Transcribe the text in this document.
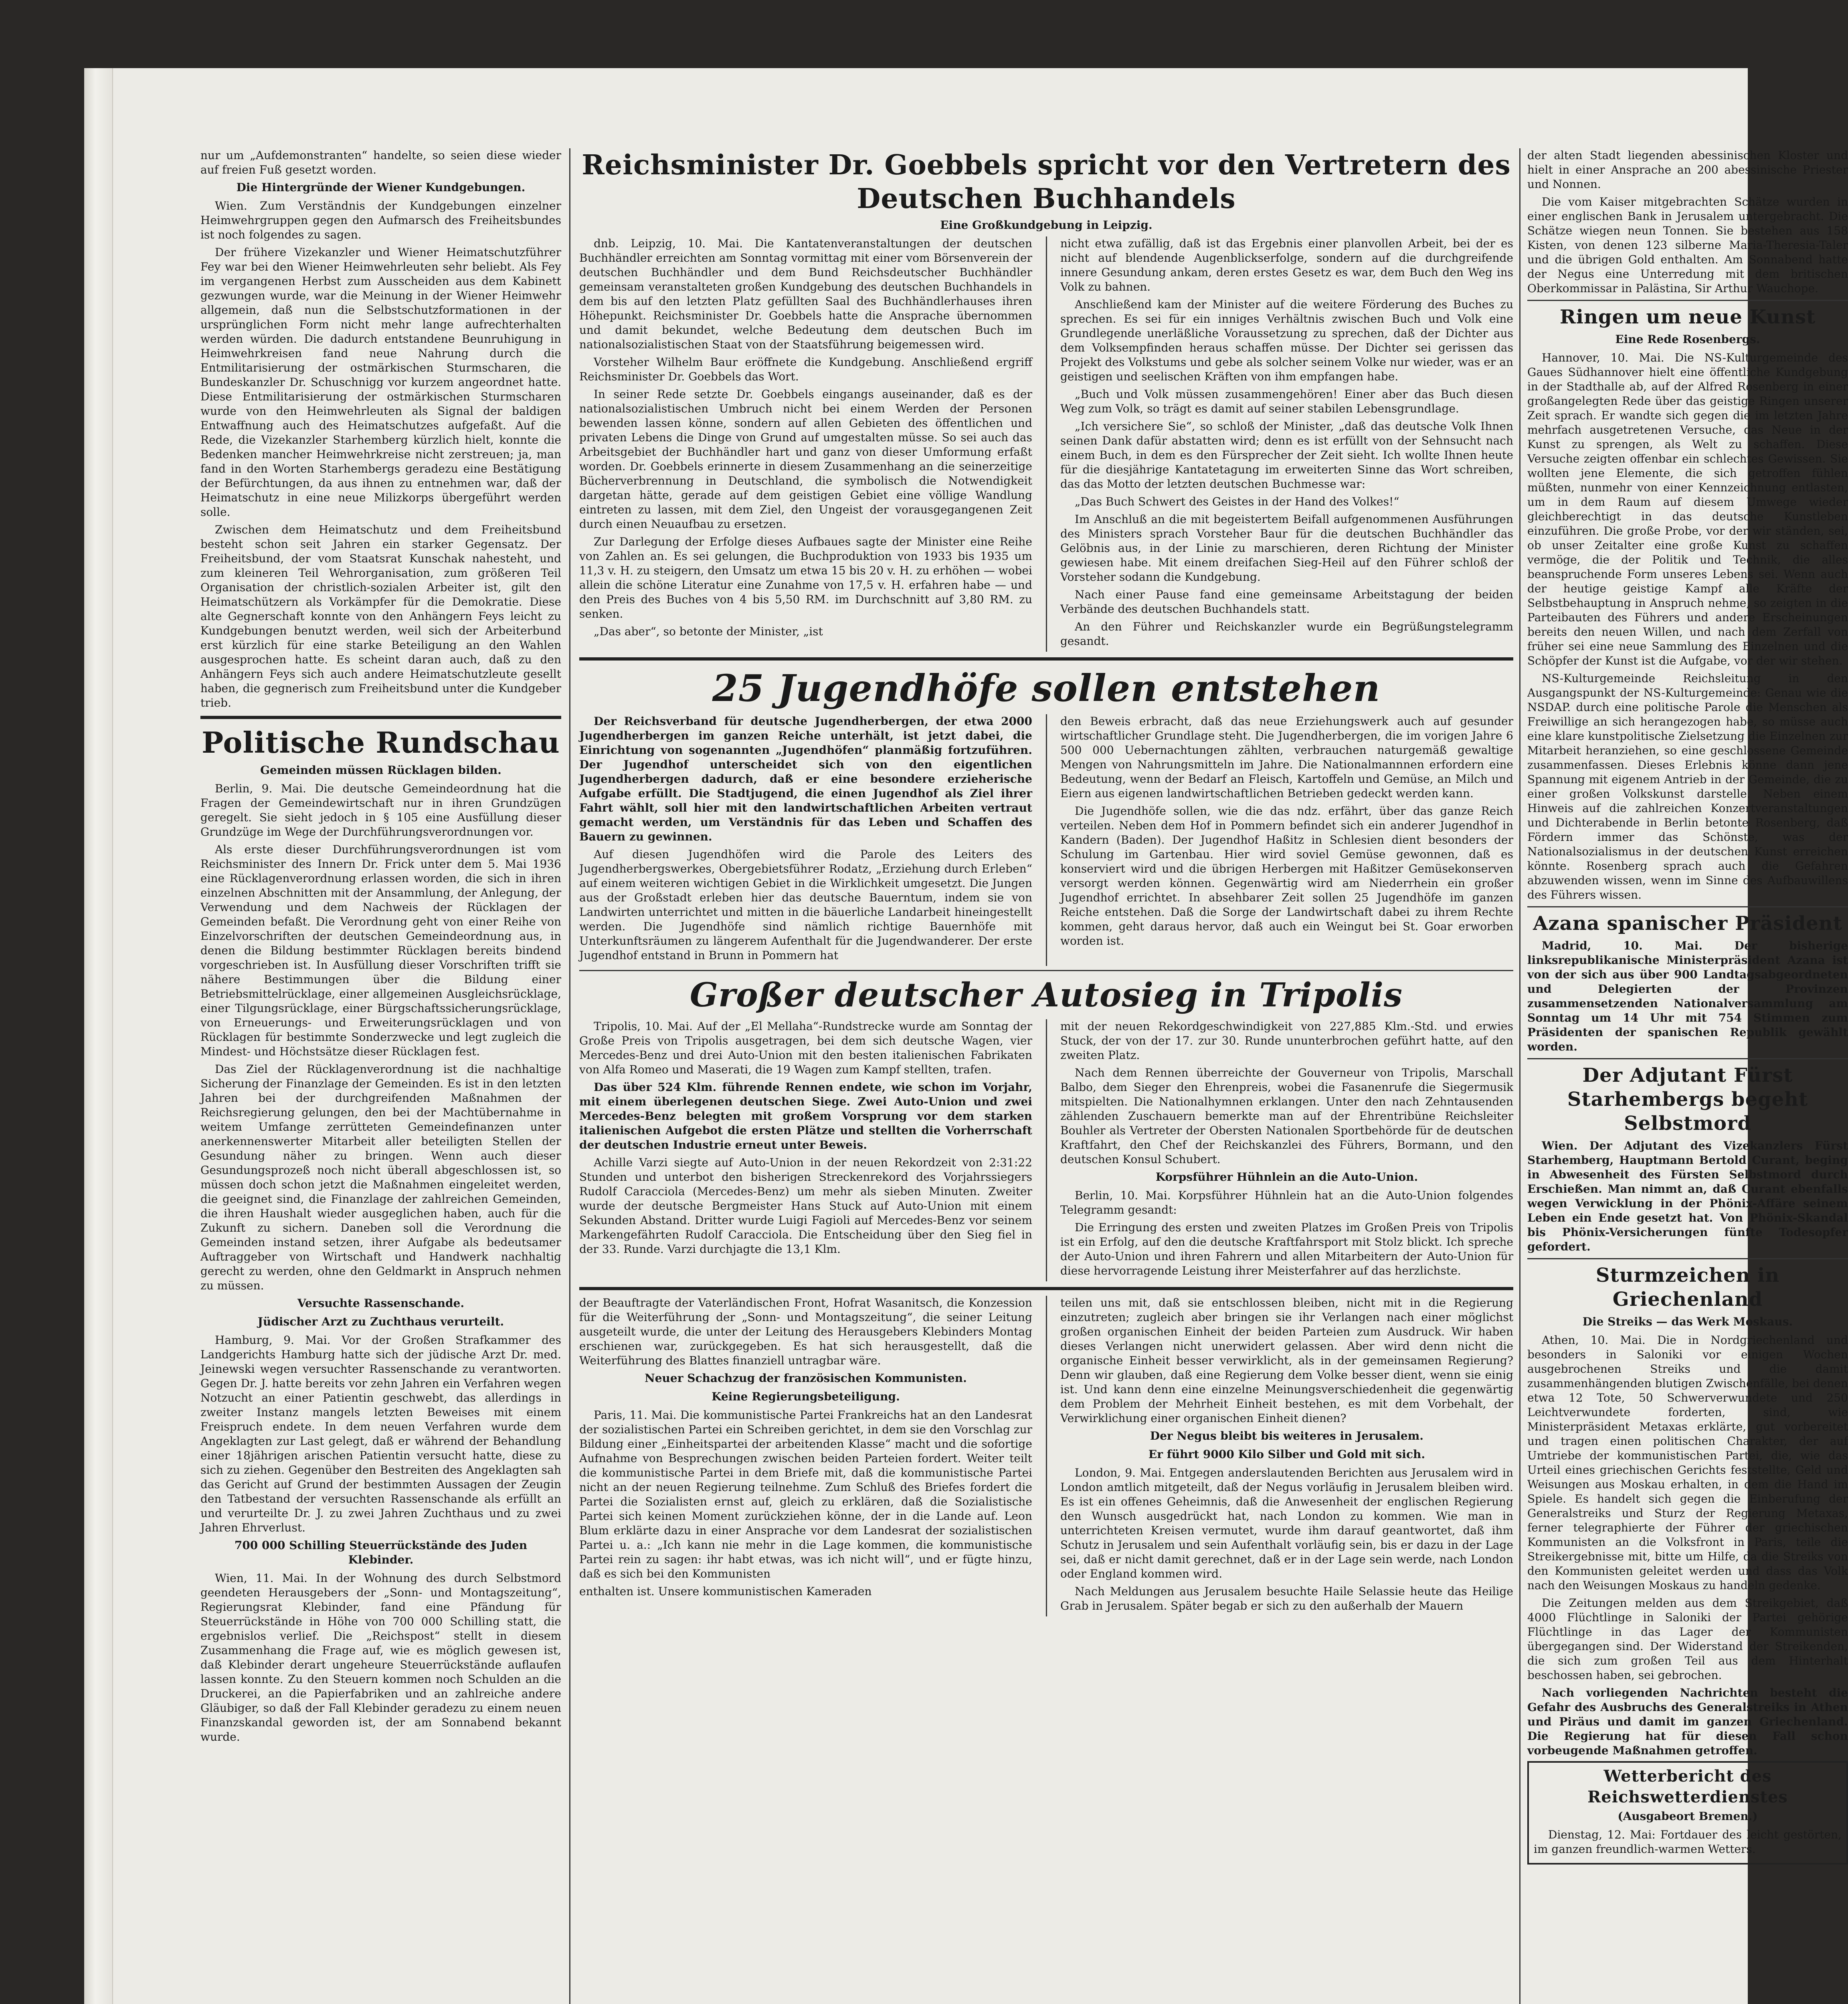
nur um „Aufdemonstranten“ handelte, so seien diese wieder auf freien Fuß gesetzt worden.

Die Hintergründe der Wiener Kundgebungen.

Wien. Zum Verständnis der Kundgebungen einzelner Heimwehrgruppen gegen den Aufmarsch des Freiheitsbundes ist noch folgendes zu sagen.

Der frühere Vizekanzler und Wiener Heimatschutzführer Fey war bei den Wiener Heimwehrleuten sehr beliebt. Als Fey im vergangenen Herbst zum Ausscheiden aus dem Kabinett gezwungen wurde, war die Meinung in der Wiener Heimwehr allgemein, daß nun die Selbstschutzformationen in der ursprünglichen Form nicht mehr lange aufrechterhalten werden würden. Die dadurch entstandene Beunruhigung in Heimwehrkreisen fand neue Nahrung durch die Entmilitarisierung der ostmärkischen Sturmscharen, die Bundeskanzler Dr. Schuschnigg vor kurzem angeordnet hatte. Diese Entmilitarisierung der ostmärkischen Sturmscharen wurde von den Heimwehrleuten als Signal der baldigen Entwaffnung auch des Heimatschutzes aufgefaßt. Auf die Rede, die Vizekanzler Starhemberg kürzlich hielt, konnte die Bedenken mancher Heimwehrkreise nicht zerstreuen; ja, man fand in den Worten Starhembergs geradezu eine Bestätigung der Befürchtungen, da aus ihnen zu entnehmen war, daß der Heimatschutz in eine neue Milizkorps übergeführt werden solle.

Zwischen dem Heimatschutz und dem Freiheitsbund besteht schon seit Jahren ein starker Gegensatz. Der Freiheitsbund, der vom Staatsrat Kunschak nahesteht, und zum kleineren Teil Wehrorganisation, zum größeren Teil Organisation der christlich-sozialen Arbeiter ist, gilt den Heimatschützern als Vorkämpfer für die Demokratie. Diese alte Gegnerschaft konnte von den Anhängern Feys leicht zu Kundgebungen benutzt werden, weil sich der Arbeiterbund erst kürzlich für eine starke Beteiligung an den Wahlen ausgesprochen hatte. Es scheint daran auch, daß zu den Anhängern Feys sich auch andere Heimatschutzleute gesellt haben, die gegnerisch zum Freiheitsbund unter die Kundgeber trieb.

Politische Rundschau
Gemeinden müssen Rücklagen bilden.

Berlin, 9. Mai. Die deutsche Gemeindeordnung hat die Fragen der Gemeindewirtschaft nur in ihren Grundzügen geregelt. Sie sieht jedoch in § 105 eine Ausfüllung dieser Grundzüge im Wege der Durchführungsverordnungen vor.

Als erste dieser Durchführungsverordnungen ist vom Reichsminister des Innern Dr. Frick unter dem 5. Mai 1936 eine Rücklagenverordnung erlassen worden, die sich in ihren einzelnen Abschnitten mit der Ansammlung, der Anlegung, der Verwendung und dem Nachweis der Rücklagen der Gemeinden befaßt. Die Verordnung geht von einer Reihe von Einzelvorschriften der deutschen Gemeindeordnung aus, in denen die Bildung bestimmter Rücklagen bereits bindend vorgeschrieben ist. In Ausfüllung dieser Vorschriften trifft sie nähere Bestimmungen über die Bildung einer Betriebsmittelrücklage, einer allgemeinen Ausgleichsrücklage, einer Tilgungsrücklage, einer Bürgschaftssicherungsrücklage, von Erneuerungs- und Erweiterungsrücklagen und von Rücklagen für bestimmte Sonderzwecke und legt zugleich die Mindest- und Höchstsätze dieser Rücklagen fest.

Das Ziel der Rücklagenverordnung ist die nachhaltige Sicherung der Finanzlage der Gemeinden. Es ist in den letzten Jahren bei der durchgreifenden Maßnahmen der Reichsregierung gelungen, den bei der Machtübernahme in weitem Umfange zerrütteten Gemeindefinanzen unter anerkennenswerter Mitarbeit aller beteiligten Stellen der Gesundung näher zu bringen. Wenn auch dieser Gesundungsprozeß noch nicht überall abgeschlossen ist, so müssen doch schon jetzt die Maßnahmen eingeleitet werden, die geeignet sind, die Finanzlage der zahlreichen Gemeinden, die ihren Haushalt wieder ausgeglichen haben, auch für die Zukunft zu sichern. Daneben soll die Verordnung die Gemeinden instand setzen, ihrer Aufgabe als bedeutsamer Auftraggeber von Wirtschaft und Handwerk nachhaltig gerecht zu werden, ohne den Geldmarkt in Anspruch nehmen zu müssen.

Versuchte Rassenschande.
Jüdischer Arzt zu Zuchthaus verurteilt.

Hamburg, 9. Mai. Vor der Großen Strafkammer des Landgerichts Hamburg hatte sich der jüdische Arzt Dr. med. Jeinewski wegen versuchter Rassenschande zu verantworten. Gegen Dr. J. hatte bereits vor zehn Jahren ein Verfahren wegen Notzucht an einer Patientin geschwebt, das allerdings in zweiter Instanz mangels letzten Beweises mit einem Freispruch endete. In dem neuen Verfahren wurde dem Angeklagten zur Last gelegt, daß er während der Behandlung einer 18jährigen arischen Patientin versucht hatte, diese zu sich zu ziehen. Gegenüber den Bestreiten des Angeklagten sah das Gericht auf Grund der bestimmten Aussagen der Zeugin den Tatbestand der versuchten Rassenschande als erfüllt an und verurteilte Dr. J. zu zwei Jahren Zuchthaus und zu zwei Jahren Ehrverlust.

700 000 Schilling Steuerrückstände des Juden Klebinder.

Wien, 11. Mai. In der Wohnung des durch Selbstmord geendeten Herausgebers der „Sonn- und Montagszeitung“, Regierungsrat Klebinder, fand eine Pfändung für Steuerrückstände in Höhe von 700 000 Schilling statt, die ergebnislos verlief. Die „Reichspost“ stellt in diesem Zusammenhang die Frage auf, wie es möglich gewesen ist, daß Klebinder derart ungeheure Steuerrückstände auflaufen lassen konnte. Zu den Steuern kommen noch Schulden an die Druckerei, an die Papierfabriken und an zahlreiche andere Gläubiger, so daß der Fall Klebinder geradezu zu einem neuen Finanzskandal geworden ist, der am Sonnabend bekannt wurde.

Reichsminister Dr. Goebbels spricht vor den Vertretern des Deutschen Buchhandels
Eine Großkundgebung in Leipzig.

dnb. Leipzig, 10. Mai. Die Kantatenveranstaltungen der deutschen Buchhändler erreichten am Sonntag vormittag mit einer vom Börsenverein der deutschen Buchhändler und dem Bund Reichsdeutscher Buchhändler gemeinsam veranstalteten großen Kundgebung des deutschen Buchhandels in dem bis auf den letzten Platz gefüllten Saal des Buchhändlerhauses ihren Höhepunkt. Reichsminister Dr. Goebbels hatte die Ansprache übernommen und damit bekundet, welche Bedeutung dem deutschen Buch im nationalsozialistischen Staat von der Staatsführung beigemessen wird.

Vorsteher Wilhelm Baur eröffnete die Kundgebung. Anschließend ergriff Reichsminister Dr. Goebbels das Wort.

In seiner Rede setzte Dr. Goebbels eingangs auseinander, daß es der nationalsozialistischen Umbruch nicht bei einem Werden der Personen bewenden lassen könne, sondern auf allen Gebieten des öffentlichen und privaten Lebens die Dinge von Grund auf umgestalten müsse. So sei auch das Arbeitsgebiet der Buchhändler hart und ganz von dieser Umformung erfaßt worden. Dr. Goebbels erinnerte in diesem Zusammenhang an die seinerzeitige Bücherverbrennung in Deutschland, die symbolisch die Notwendigkeit dargetan hätte, gerade auf dem geistigen Gebiet eine völlige Wandlung eintreten zu lassen, mit dem Ziel, den Ungeist der vorausgegangenen Zeit durch einen Neuaufbau zu ersetzen.

Zur Darlegung der Erfolge dieses Aufbaues sagte der Minister eine Reihe von Zahlen an. Es sei gelungen, die Buchproduktion von 1933 bis 1935 um 11,3 v. H. zu steigern, den Umsatz um etwa 15 bis 20 v. H. zu erhöhen — wobei allein die schöne Literatur eine Zunahme von 17,5 v. H. erfahren habe — und den Preis des Buches von 4 bis 5,50 RM. im Durchschnitt auf 3,80 RM. zu senken.

„Das aber“, so betonte der Minister, „ist

nicht etwa zufällig, daß ist das Ergebnis einer planvollen Arbeit, bei der es nicht auf blendende Augenblickserfolge, sondern auf die durchgreifende innere Gesundung ankam, deren erstes Gesetz es war, dem Buch den Weg ins Volk zu bahnen.

Anschließend kam der Minister auf die weitere Förderung des Buches zu sprechen. Es sei für ein inniges Verhältnis zwischen Buch und Volk eine Grundlegende unerläßliche Voraussetzung zu sprechen, daß der Dichter aus dem Volksempfinden heraus schaffen müsse. Der Dichter sei gerissen das Projekt des Volkstums und gebe als solcher seinem Volke nur wieder, was er an geistigen und seelischen Kräften von ihm empfangen habe.

„Buch und Volk müssen zusammengehören! Einer aber das Buch diesen Weg zum Volk, so trägt es damit auf seiner stabilen Lebensgrundlage.

„Ich versichere Sie“, so schloß der Minister, „daß das deutsche Volk Ihnen seinen Dank dafür abstatten wird; denn es ist erfüllt von der Sehnsucht nach einem Buch, in dem es den Fürsprecher der Zeit sieht. Ich wollte Ihnen heute für die diesjährige Kantatetagung im erweiterten Sinne das Wort schreiben, das das Motto der letzten deutschen Buchmesse war:

„Das Buch Schwert des Geistes in der Hand des Volkes!“

Im Anschluß an die mit begeistertem Beifall aufgenommenen Ausführungen des Ministers sprach Vorsteher Baur für die deutschen Buchhändler das Gelöbnis aus, in der Linie zu marschieren, deren Richtung der Minister gewiesen habe. Mit einem dreifachen Sieg-Heil auf den Führer schloß der Vorsteher sodann die Kundgebung.

Nach einer Pause fand eine gemeinsame Arbeitstagung der beiden Verbände des deutschen Buchhandels statt.

An den Führer und Reichskanzler wurde ein Begrüßungstelegramm gesandt.

25 Jugendhöfe sollen entstehen

Der Reichsverband für deutsche Jugendherbergen, der etwa 2000 Jugendherbergen im ganzen Reiche unterhält, ist jetzt dabei, die Einrichtung von sogenannten „Jugendhöfen“ planmäßig fortzuführen. Der Jugendhof unterscheidet sich von den eigentlichen Jugendherbergen dadurch, daß er eine besondere erzieherische Aufgabe erfüllt. Die Stadtjugend, die einen Jugendhof als Ziel ihrer Fahrt wählt, soll hier mit den landwirtschaftlichen Arbeiten vertraut gemacht werden, um Verständnis für das Leben und Schaffen des Bauern zu gewinnen.

Auf diesen Jugendhöfen wird die Parole des Leiters des Jugendherbergswerkes, Obergebietsführer Rodatz, „Erziehung durch Erleben“ auf einem weiteren wichtigen Gebiet in die Wirklichkeit umgesetzt. Die Jungen aus der Großstadt erleben hier das deutsche Bauerntum, indem sie von Landwirten unterrichtet und mitten in die bäuerliche Landarbeit hineingestellt werden. Die Jugendhöfe sind nämlich richtige Bauernhöfe mit Unterkunftsräumen zu längerem Aufenthalt für die Jugendwanderer. Der erste Jugendhof entstand in Brunn in Pommern hat

den Beweis erbracht, daß das neue Erziehungswerk auch auf gesunder wirtschaftlicher Grundlage steht. Die Jugendherbergen, die im vorigen Jahre 6 500 000 Uebernachtungen zählten, verbrauchen naturgemäß gewaltige Mengen von Nahrungsmitteln im Jahre. Die Nationalmannnen erfordern eine Bedeutung, wenn der Bedarf an Fleisch, Kartoffeln und Gemüse, an Milch und Eiern aus eigenen landwirtschaftlichen Betrieben gedeckt werden kann.

Die Jugendhöfe sollen, wie die das ndz. erfährt, über das ganze Reich verteilen. Neben dem Hof in Pommern befindet sich ein anderer Jugendhof in Kandern (Baden). Der Jugendhof Haßitz in Schlesien dient besonders der Schulung im Gartenbau. Hier wird soviel Gemüse gewonnen, daß es konserviert wird und die übrigen Herbergen mit Haßitzer Gemüsekonserven versorgt werden können. Gegenwärtig wird am Niederrhein ein großer Jugendhof errichtet. In absehbarer Zeit sollen 25 Jugendhöfe im ganzen Reiche entstehen. Daß die Sorge der Landwirtschaft dabei zu ihrem Rechte kommen, geht daraus hervor, daß auch ein Weingut bei St. Goar erworben worden ist.

Großer deutscher Autosieg in Tripolis

Tripolis, 10. Mai. Auf der „El Mellaha“-Rundstrecke wurde am Sonntag der Große Preis von Tripolis ausgetragen, bei dem sich deutsche Wagen, vier Mercedes-Benz und drei Auto-Union mit den besten italienischen Fabrikaten von Alfa Romeo und Maserati, die 19 Wagen zum Kampf stellten, trafen.

Das über 524 Klm. führende Rennen endete, wie schon im Vorjahr, mit einem überlegenen deutschen Siege. Zwei Auto-Union und zwei Mercedes-Benz belegten mit großem Vorsprung vor dem starken italienischen Aufgebot die ersten Plätze und stellten die Vorherrschaft der deutschen Industrie erneut unter Beweis.

Achille Varzi siegte auf Auto-Union in der neuen Rekordzeit von 2:31:22 Stunden und unterbot den bisherigen Streckenrekord des Vorjahrssiegers Rudolf Caracciola (Mercedes-Benz) um mehr als sieben Minuten. Zweiter wurde der deutsche Bergmeister Hans Stuck auf Auto-Union mit einem Sekunden Abstand. Dritter wurde Luigi Fagioli auf Mercedes-Benz vor seinem Markengefährten Rudolf Caracciola. Die Entscheidung über den Sieg fiel in der 33. Runde. Varzi durchjagte die 13,1 Klm.

mit der neuen Rekordgeschwindigkeit von 227,885 Klm.-Std. und erwies Stuck, der von der 17. zur 30. Runde ununterbrochen geführt hatte, auf den zweiten Platz.

Nach dem Rennen überreichte der Gouverneur von Tripolis, Marschall Balbo, dem Sieger den Ehrenpreis, wobei die Fasanenrufe die Siegermusik mitspielten. Die Nationalhymnen erklangen. Unter den nach Zehntausenden zählenden Zuschauern bemerkte man auf der Ehrentribüne Reichsleiter Bouhler als Vertreter der Obersten Nationalen Sportbehörde für de deutschen Kraftfahrt, den Chef der Reichskanzlei des Führers, Bormann, und den deutschen Konsul Schubert.

Korpsführer Hühnlein an die Auto-Union.

Berlin, 10. Mai. Korpsführer Hühnlein hat an die Auto-Union folgendes Telegramm gesandt:

Die Erringung des ersten und zweiten Platzes im Großen Preis von Tripolis ist ein Erfolg, auf den die deutsche Kraftfahrsport mit Stolz blickt. Ich spreche der Auto-Union und ihren Fahrern und allen Mitarbeitern der Auto-Union für diese hervorragende Leistung ihrer Meisterfahrer auf das herzlichste.

der Beauftragte der Vaterländischen Front, Hofrat Wasanitsch, die Konzession für die Weiterführung der „Sonn- und Montagszeitung“, die seiner Leitung ausgeteilt wurde, die unter der Leitung des Herausgebers Klebinders Montag erschienen war, zurückgegeben. Es hat sich herausgestellt, daß die Weiterführung des Blattes finanziell untragbar wäre.

Neuer Schachzug der französischen Kommunisten.
Keine Regierungsbeteiligung.

Paris, 11. Mai. Die kommunistische Partei Frankreichs hat an den Landesrat der sozialistischen Partei ein Schreiben gerichtet, in dem sie den Vorschlag zur Bildung einer „Einheitspartei der arbeitenden Klasse“ macht und die sofortige Aufnahme von Besprechungen zwischen beiden Parteien fordert. Weiter teilt die kommunistische Partei in dem Briefe mit, daß die kommunistische Partei nicht an der neuen Regierung teilnehme. Zum Schluß des Briefes fordert die Partei die Sozialisten ernst auf, gleich zu erklären, daß die Sozialistische Partei sich keinen Moment zurückziehen könne, der in die Lande auf. Leon Blum erklärte dazu in einer Ansprache vor dem Landesrat der sozialistischen Partei u. a.: „Ich kann nie mehr in die Lage kommen, die kommunistische Partei rein zu sagen: ihr habt etwas, was ich nicht will“, und er fügte hinzu, daß es sich bei den Kommunisten

enthalten ist. Unsere kommunistischen Kameraden

teilen uns mit, daß sie entschlossen bleiben, nicht mit in die Regierung einzutreten; zugleich aber bringen sie ihr Verlangen nach einer möglichst großen organischen Einheit der beiden Parteien zum Ausdruck. Wir haben dieses Verlangen nicht unerwidert gelassen. Aber wird denn nicht die organische Einheit besser verwirklicht, als in der gemeinsamen Regierung? Denn wir glauben, daß eine Regierung dem Volke besser dient, wenn sie einig ist. Und kann denn eine einzelne Meinungsverschiedenheit die gegenwärtig dem Problem der Mehrheit Einheit bestehen, es mit dem Vorbehalt, der Verwirklichung einer organischen Einheit dienen?

Der Negus bleibt bis weiteres in Jerusalem.
Er führt 9000 Kilo Silber und Gold mit sich.

London, 9. Mai. Entgegen anderslautenden Berichten aus Jerusalem wird in London amtlich mitgeteilt, daß der Negus vorläufig in Jerusalem bleiben wird. Es ist ein offenes Geheimnis, daß die Anwesenheit der englischen Regierung den Wunsch ausgedrückt hat, nach London zu kommen. Wie man in unterrichteten Kreisen vermutet, wurde ihm darauf geantwortet, daß ihm Schutz in Jerusalem und sein Aufenthalt vorläufig sein, bis er dazu in der Lage sei, daß er nicht damit gerechnet, daß er in der Lage sein werde, nach London oder England kommen wird.

Nach Meldungen aus Jerusalem besuchte Haile Selassie heute das Heilige Grab in Jerusalem. Später begab er sich zu den außerhalb der Mauern

der alten Stadt liegenden abessinischen Kloster und hielt in einer Ansprache an 200 abessinische Priester und Nonnen.

Die vom Kaiser mitgebrachten Schätze wurden in einer englischen Bank in Jerusalem untergebracht. Die Schätze wiegen neun Tonnen. Sie bestehen aus 158 Kisten, von denen 123 silberne Maria-Theresia-Taler und die übrigen Gold enthalten. Am Sonnabend hatte der Negus eine Unterredung mit dem britischen Oberkommissar in Palästina, Sir Arthur Wauchope.

Ringen um neue Kunst
Eine Rede Rosenbergs.

Hannover, 10. Mai. Die NS-Kulturgemeinde des Gaues Südhannover hielt eine öffentliche Kundgebung in der Stadthalle ab, auf der Alfred Rosenberg in einer großangelegten Rede über das geistige Ringen unserer Zeit sprach. Er wandte sich gegen die im letzten Jahre mehrfach ausgetretenen Versuche, das Neue in der Kunst zu sprengen, als Welt zu schaffen. Diese Versuche zeigten offenbar ein schlechtes Gewissen. Sie wollten jene Elemente, die sich getroffen fühlen müßten, nunmehr von einer Kennzeichnung entlasten, um in dem Raum auf diesem Umwege wieder gleichberechtigt in das deutsche Kunstleben einzuführen. Die große Probe, vor der wir ständen, sei, ob unser Zeitalter eine große Kunst zu schaffen vermöge, die der Politik und Technik, die alles beanspruchende Form unseres Lebens sei. Wenn auch der heutige geistige Kampf alle Kräfte der Selbstbehauptung in Anspruch nehme, so zeigten in die Parteibauten des Führers und andere Erscheinungen bereits den neuen Willen, und nach dem Zerfall von früher sei eine neue Sammlung des Einzelnen und die Schöpfer der Kunst ist die Aufgabe, vor der wir stehen.

NS-Kulturgemeinde Reichsleitung in den Ausgangspunkt der NS-Kulturgemeinde: Genau wie die NSDAP. durch eine politische Parole die Menschen als Freiwillige an sich herangezogen habe, so müsse auch eine klare kunstpolitische Zielsetzung die Einzelnen zur Mitarbeit heranziehen, so eine geschlossene Gemeinde zusammenfassen. Dieses Erlebnis könne dann jene Spannung mit eigenem Antrieb in der Gemeinde, die zu einer großen Volkskunst darstelle. Neben einem Hinweis auf die zahlreichen Konzertveranstaltungen und Dichterabende in Berlin betonte Rosenberg, daß Fördern immer das Schönste, was der Nationalsozialismus in der deutschen Kunst erreichen könnte. Rosenberg sprach auch die Gefahren abzuwenden wissen, wenn im Sinne des Aufbauwillens des Führers wissen.

Azana spanischer Präsident

Madrid, 10. Mai. Der bisherige linksrepublikanische Ministerpräsident Azana ist von der sich aus über 900 Landtagsabgeordneten und Delegierten der Provinzen zusammensetzenden Nationalversammlung am Sonntag um 14 Uhr mit 754 Stimmen zum Präsidenten der spanischen Republik gewählt worden.

Der Adjutant Fürst Starhembergs begeht Selbstmord

Wien. Der Adjutant des Vizekanzlers Fürst Starhemberg, Hauptmann Bertold Curant, beging in Abwesenheit des Fürsten Selbstmord durch Erschießen. Man nimmt an, daß Curant ebenfalls wegen Verwicklung in der Phönix-Affäre seinem Leben ein Ende gesetzt hat. Von Phönix-Skandal bis Phönix-Versicherungen fünfte Todesopfer gefordert.

Sturmzeichen in Griechenland
Die Streiks — das Werk Moskaus.

Athen, 10. Mai. Die in Nordgriechenland und besonders in Saloniki vor einigen Wochen ausgebrochenen Streiks und die damit zusammenhängenden blutigen Zwischenfälle, bei denen etwa 12 Tote, 50 Schwerverwundete und 250 Leichtverwundete forderten, sind, wie Ministerpräsident Metaxas erklärte, gut vorbereitet und tragen einen politischen Charakter, der auf Umtriebe der kommunistischen Partei, die, wie das Urteil eines griechischen Gerichts feststellte, Geld und Weisungen aus Moskau erhalten, in dem die Hand im Spiele. Es handelt sich gegen die Einberufung der Generalstreiks und Sturz der Regierung Metaxas, ferner telegraphierte der Führer der griechischen Kommunisten an die Volksfront in Paris, teile die Streikergebnisse mit, bitte um Hilfe, da die Streiks von den Kommunisten geleitet werden und dass das Volk nach den Weisungen Moskaus zu handeln gedenke.

Die Zeitungen melden aus dem Streikgebiet, daß 4000 Flüchtlinge in Saloniki der Partei gehörige Flüchtlinge in das Lager der Kommunisten übergegangen sind. Der Widerstand der Streikenden, die sich zum großen Teil aus dem Hinterhalt beschossen haben, sei gebrochen.

Nach vorliegenden Nachrichten besteht die Gefahr des Ausbruchs des Generalstreiks in Athen und Piräus und damit im ganzen Griechenland. Die Regierung hat für diesen Fall schon vorbeugende Maßnahmen getroffen.

Wetterbericht des Reichswetterdienstes
(Ausgabeort Bremen.)

Dienstag, 12. Mai: Fortdauer des leicht gestörten, im ganzen freundlich-warmen Wetters.
